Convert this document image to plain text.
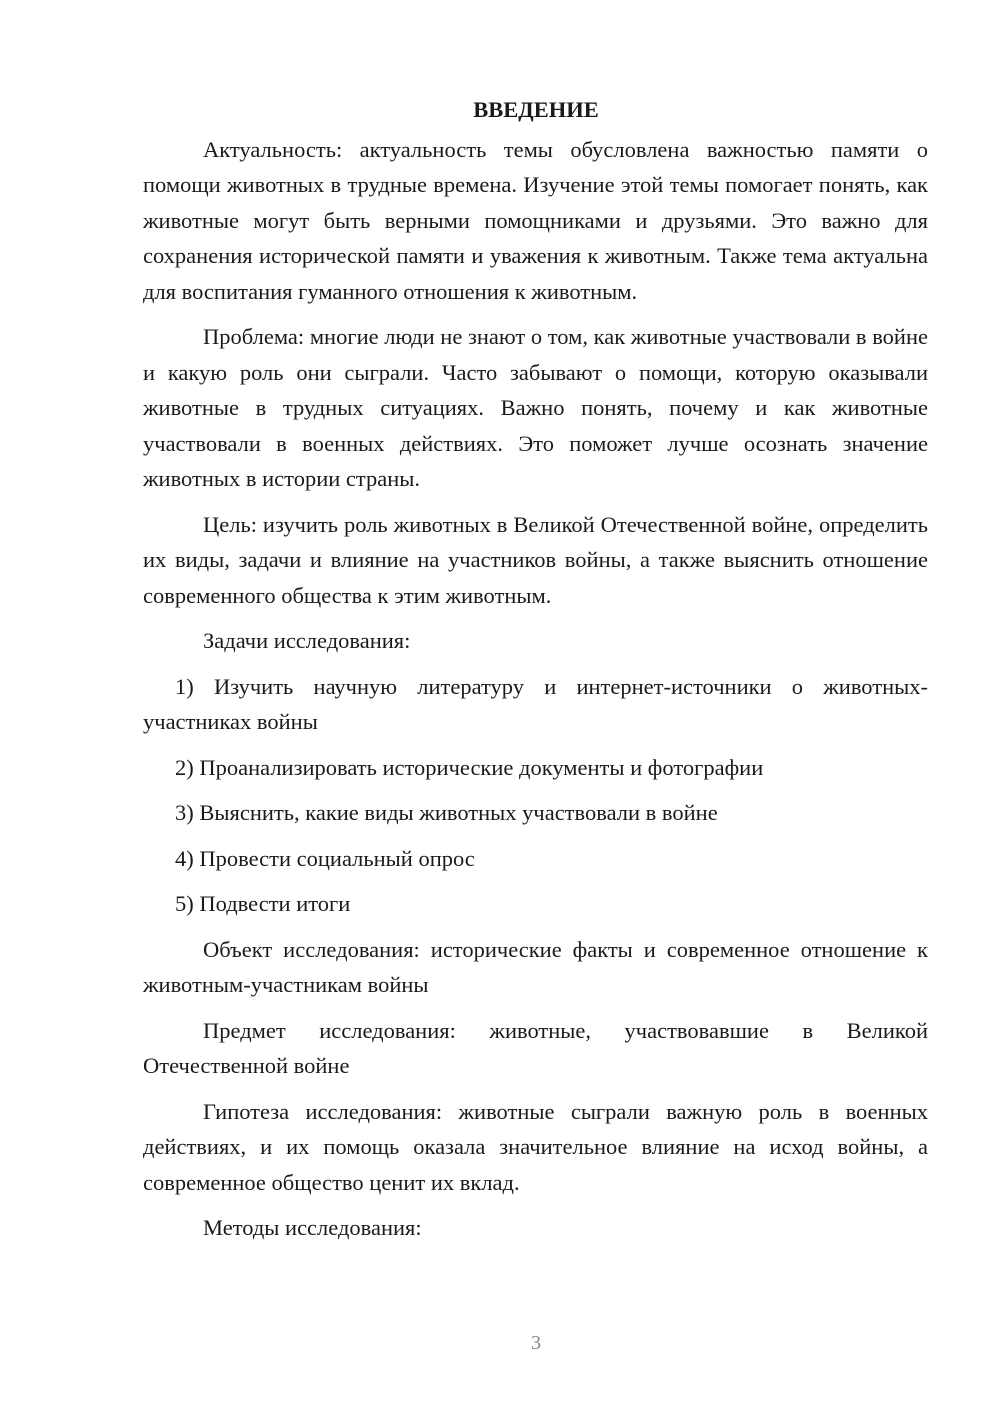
ВВЕДЕНИЕ

Актуальность: актуальность темы обусловлена важностью памяти о помощи животных в трудные времена. Изучение этой темы помогает понять, как животные могут быть верными помощниками и друзьями. Это важно для сохранения исторической памяти и уважения к животным. Также тема актуальна для воспитания гуманного отношения к животным.

Проблема: многие люди не знают о том, как животные участвовали в войне и какую роль они сыграли. Часто забывают о помощи, которую оказывали животные в трудных ситуациях. Важно понять, почему и как животные участвовали в военных действиях. Это поможет лучше осознать значение животных в истории страны.

Цель: изучить роль животных в Великой Отечественной войне, определить их виды, задачи и влияние на участников войны, а также выяснить отношение современного общества к этим животным.

Задачи исследования:

1) Изучить научную литературу и интернет-источники о животных-участниках войны

2) Проанализировать исторические документы и фотографии

3) Выяснить, какие виды животных участвовали в войне

4) Провести социальный опрос

5) Подвести итоги

Объект исследования: исторические факты и современное отношение к животным-участникам войны

Предмет исследования: животные, участвовавшие в Великой Отечественной войне

Гипотеза исследования: животные сыграли важную роль в военных действиях, и их помощь оказала значительное влияние на исход войны, а современное общество ценит их вклад.

Методы исследования:

3
